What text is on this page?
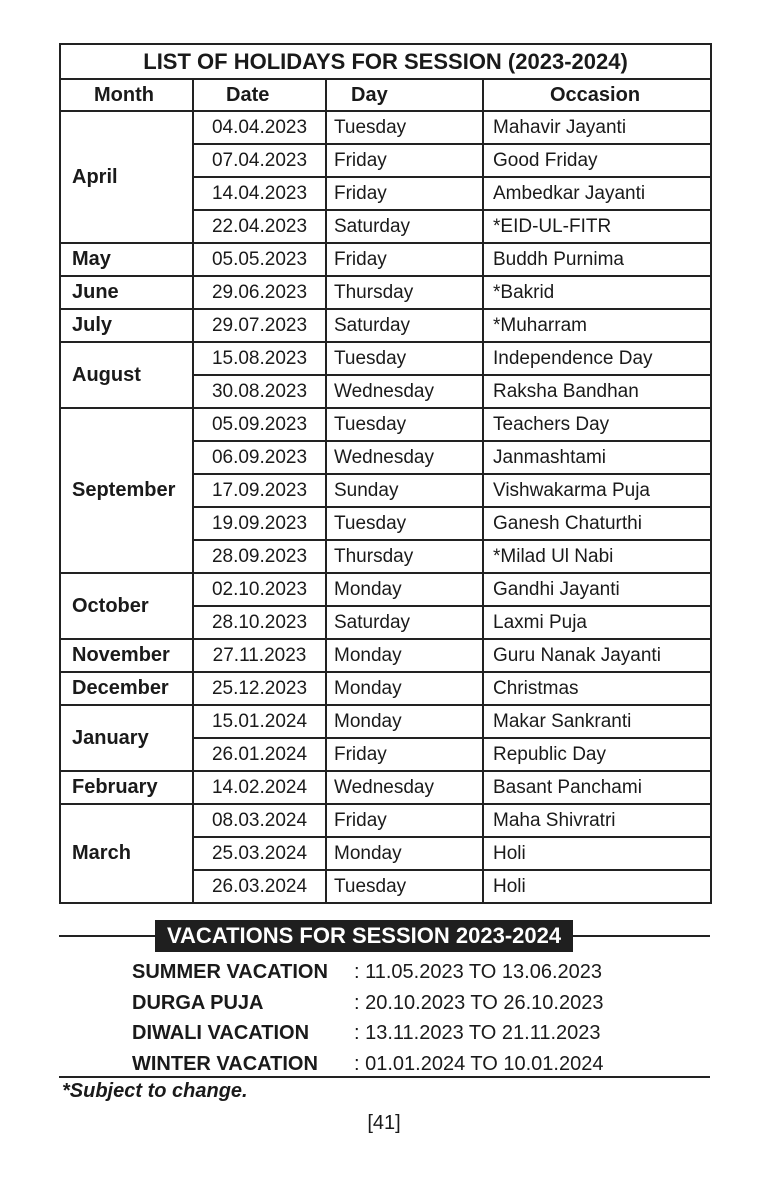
LIST OF HOLIDAYS FOR SESSION (2023-2024)			
Month	Date	Day	Occasion
April	04.04.2023	Tuesday	Mahavir Jayanti
	07.04.2023	Friday	Good Friday
	14.04.2023	Friday	Ambedkar Jayanti
	22.04.2023	Saturday	*EID-UL-FITR
May	05.05.2023	Friday	Buddh Purnima
June	29.06.2023	Thursday	*Bakrid
July	29.07.2023	Saturday	*Muharram
August	15.08.2023	Tuesday	Independence Day
	30.08.2023	Wednesday	Raksha Bandhan
September	05.09.2023	Tuesday	Teachers Day
	06.09.2023	Wednesday	Janmashtami
	17.09.2023	Sunday	Vishwakarma Puja
	19.09.2023	Tuesday	Ganesh Chaturthi
	28.09.2023	Thursday	*Milad Ul Nabi
October	02.10.2023	Monday	Gandhi Jayanti
	28.10.2023	Saturday	Laxmi Puja
November	27.11.2023	Monday	Guru Nanak Jayanti
December	25.12.2023	Monday	Christmas
January	15.01.2024	Monday	Makar Sankranti
	26.01.2024	Friday	Republic Day
February	14.02.2024	Wednesday	Basant Panchami
March	08.03.2024	Friday	Maha Shivratri
	25.03.2024	Monday	Holi
	26.03.2024	Tuesday	Holi
VACATIONS FOR SESSION 2023-2024
SUMMER VACATION : 11.05.2023 TO 13.06.2023
DURGA PUJA	: 20.10.2023 TO 26.10.2023
DIWALI VACATION : 13.11.2023 TO 21.11.2023
WINTER VACATION : 01.01.2024 TO 10.01.2024
*Subject to change.
[41]
